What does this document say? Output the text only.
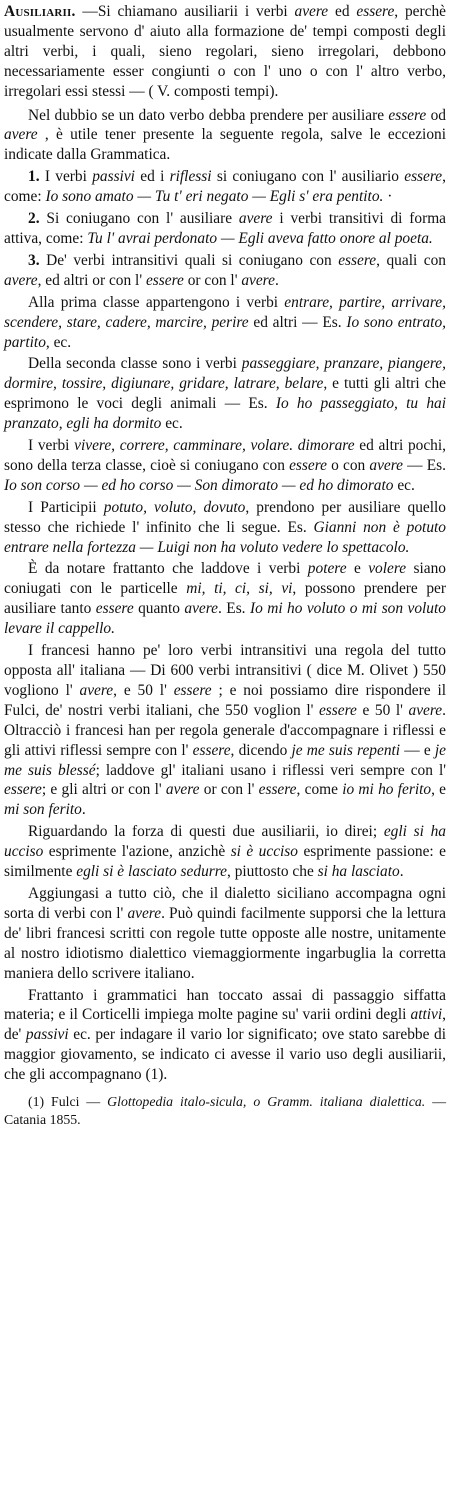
Ausiliarii. —Si chiamano ausiliarii i verbi avere ed essere, perchè usualmente servono d' aiuto alla formazione de' tempi composti degli altri verbi, i quali, sieno regolari, sieno irregolari, debbono necessariamente esser congiunti o con l' uno o con l' altro verbo, irregolari essi stessi — ( V. composti tempi).

Nel dubbio se un dato verbo debba prendere per ausiliare essere od avere , è utile tener presente la seguente regola, salve le eccezioni indicate dalla Grammatica.

1. I verbi passivi ed i riflessi si coniugano con l' ausiliario essere, come: Io sono amato — Tu t' eri negato — Egli s' era pentito. ·

2. Si coniugano con l' ausiliare avere i verbi transitivi di forma attiva, come: Tu l' avrai perdonato — Egli aveva fatto onore al poeta.

3. De' verbi intransitivi quali si coniugano con essere, quali con avere, ed altri or con l' essere or con l' avere.

Alla prima classe appartengono i verbi entrare, partire, arrivare, scendere, stare, cadere, marcire, perire ed altri — Es. Io sono entrato, partito, ec.

Della seconda classe sono i verbi passeggiare, pranzare, piangere, dormire, tossire, digiunare, gridare, latrare, belare, e tutti gli altri che esprimono le voci degli animali — Es. Io ho passeggiato, tu hai pranzato, egli ha dormito ec.

I verbi vivere, correre, camminare, volare. dimorare ed altri pochi, sono della terza classe, cioè si coniugano con essere o con avere — Es. Io son corso — ed ho corso — Son dimorato — ed ho dimorato ec.

I Participii potuto, voluto, dovuto, prendono per ausiliare quello stesso che richiede l' infinito che li segue. Es. Gianni non è potuto entrare nella fortezza — Luigi non ha voluto vedere lo spettacolo.

È da notare frattanto che laddove i verbi potere e volere siano coniugati con le particelle mi, ti, ci, si, vi, possono prendere per ausiliare tanto essere quanto avere. Es. Io mi ho voluto o mi son voluto levare il cappello.

I francesi hanno pe' loro verbi intransitivi una regola del tutto opposta all' italiana — Di 600 verbi intransitivi ( dice M. Olivet ) 550 vogliono l' avere, e 50 l' essere ; e noi possiamo dire rispondere il Fulci, de' nostri verbi italiani, che 550 voglion l' essere e 50 l' avere. Oltracciò i francesi han per regola generale d'accompagnare i riflessi e gli attivi riflessi sempre con l' essere, dicendo je me suis repenti — e je me suis blessé; laddove gl' italiani usano i riflessi veri sempre con l' essere; e gli altri or con l' avere or con l' essere, come io mi ho ferito, e mi son ferito.

Riguardando la forza di questi due ausiliarii, io direi; egli si ha ucciso esprimente l'azione, anzichè si è ucciso esprimente passione: e similmente egli si è lasciato sedurre, piuttosto che si ha lasciato.

Aggiungasi a tutto ciò, che il dialetto siciliano accompagna ogni sorta di verbi con l' avere. Può quindi facilmente supporsi che la lettura de' libri francesi scritti con regole tutte opposte alle nostre, unitamente al nostro idiotismo dialettico viemaggiormente ingarbuglia la corretta maniera dello scrivere italiano.

Frattanto i grammatici han toccato assai di passaggio siffatta materia; e il Corticelli impiega molte pagine su' varii ordini degli attivi, de' passivi ec. per indagare il vario lor significato; ove stato sarebbe di maggior giovamento, se indicato ci avesse il vario uso degli ausiliarii, che gli accompagnano (1).

(1) Fulci — Glottopedia italo-sicula, o Gramm. italiana dialettica. — Catania 1855.
